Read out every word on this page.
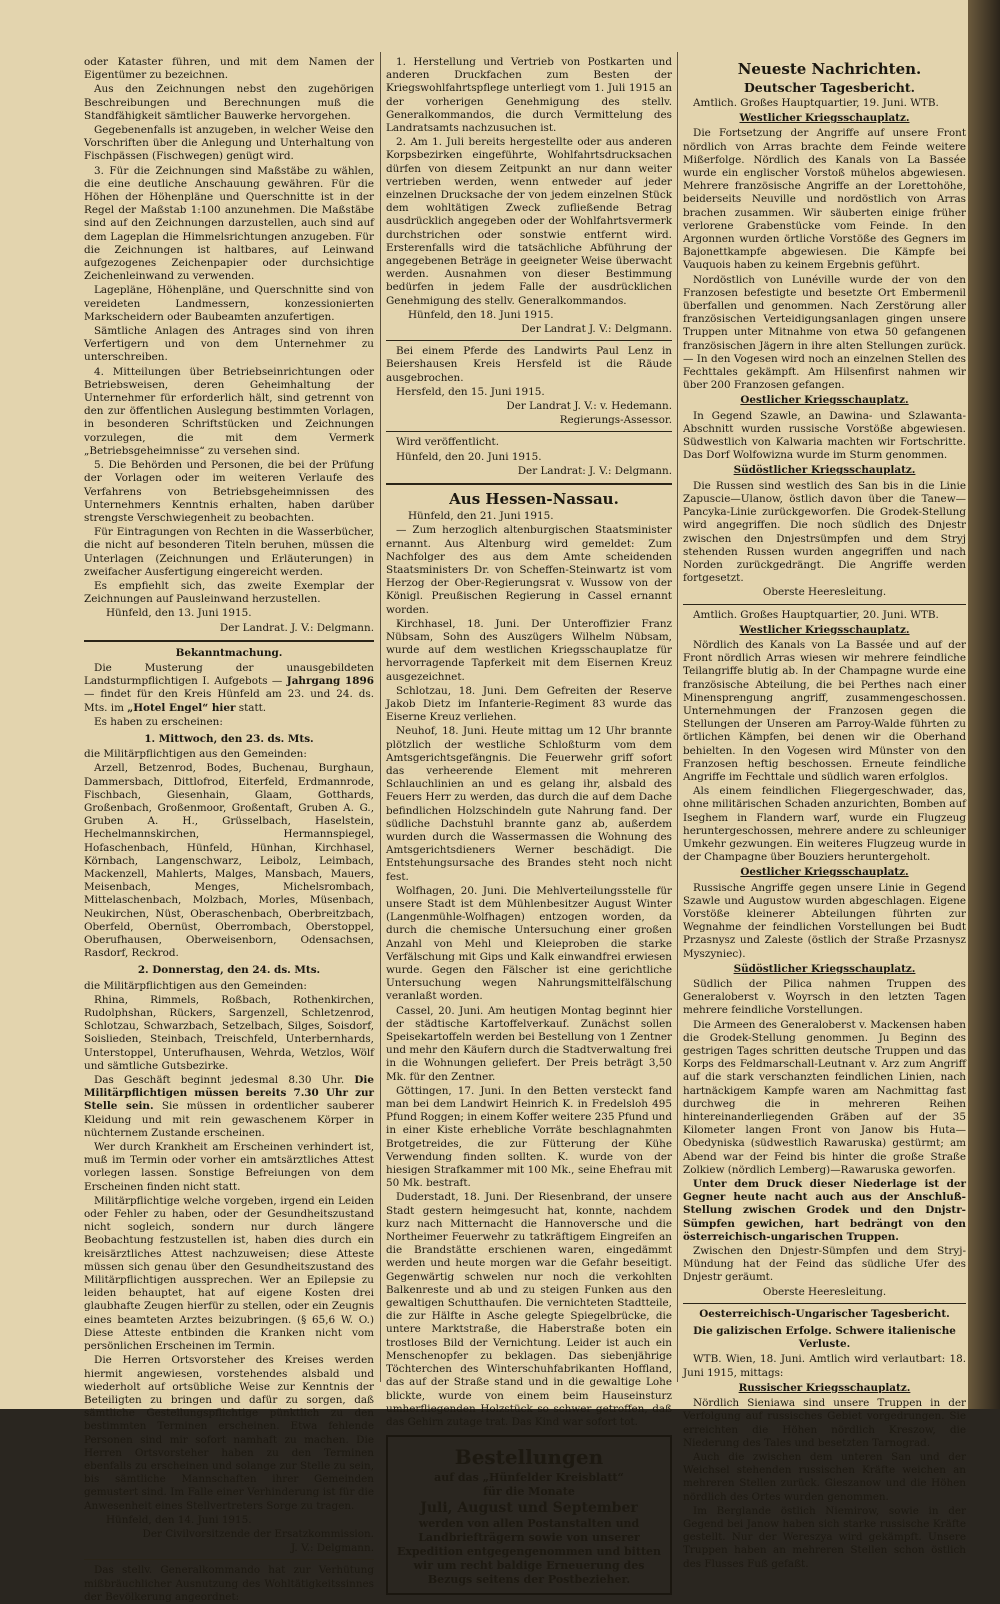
oder Kataster führen, und mit dem Namen der Eigentümer zu bezeichnen.

Aus den Zeichnungen nebst den zugehörigen Beschreibungen und Berechnungen muß die Standfähigkeit sämtlicher Bauwerke hervorgehen.

Gegebenenfalls ist anzugeben, in welcher Weise den Vorschriften über die Anlegung und Unterhaltung von Fischpässen (Fischwegen) genügt wird.

3. Für die Zeichnungen sind Maßstäbe zu wählen, die eine deutliche Anschauung gewähren. Für die Höhen der Höhenpläne und Querschnitte ist in der Regel der Maßstab 1:100 anzunehmen. Die Maßstäbe sind auf den Zeichnungen darzustellen, auch sind auf dem Lageplan die Himmelsrichtungen anzugeben. Für die Zeichnungen ist haltbares, auf Leinwand aufgezogenes Zeichenpapier oder durchsichtige Zeichenleinwand zu verwenden.

Lagepläne, Höhenpläne, und Querschnitte sind von vereideten Landmessern, konzessionierten Markscheidern oder Baubeamten anzufertigen.

Sämtliche Anlagen des Antrages sind von ihren Verfertigern und von dem Unternehmer zu unterschreiben.

4. Mitteilungen über Betriebseinrichtungen oder Betriebsweisen, deren Geheimhaltung der Unternehmer für erforderlich hält, sind getrennt von den zur öffentlichen Auslegung bestimmten Vorlagen, in besonderen Schriftstücken und Zeichnungen vorzulegen, die mit dem Vermerk „Betriebsgeheimnisse“ zu versehen sind.

5. Die Behörden und Personen, die bei der Prüfung der Vorlagen oder im weiteren Verlaufe des Verfahrens von Betriebsgeheimnissen des Unternehmers Kenntnis erhalten, haben darüber strengste Verschwiegenheit zu beobachten.

Für Eintragungen von Rechten in die Wasserbücher, die nicht auf besonderen Titeln beruhen, müssen die Unterlagen (Zeichnungen und Erläuterungen) in zweifacher Ausfertigung eingereicht werden.

Es empfiehlt sich, das zweite Exemplar der Zeichnungen auf Pausleinwand herzustellen.

Hünfeld, den 13. Juni 1915.

Der Landrat. J. V.: Delgmann.

Bekanntmachung.

Die Musterung der unausgebildeten Landsturmpflichtigen I. Aufgebots — Jahrgang 1896 — findet für den Kreis Hünfeld am 23. und 24. ds. Mts. im „Hotel Engel“ hier statt.

Es haben zu erscheinen:

1. Mittwoch, den 23. ds. Mts.

die Militärpflichtigen aus den Gemeinden:

Arzell, Betzenrod, Bodes, Buchenau, Burghaun, Dammersbach, Dittlofrod, Eiterfeld, Erdmannrode, Fischbach, Giesenhain, Glaam, Gotthards, Großenbach, Großenmoor, Großentaft, Gruben A. G., Gruben A. H., Grüsselbach, Haselstein, Hechelmannskirchen, Hermannspiegel, Hofaschenbach, Hünfeld, Hünhan, Kirchhasel, Körnbach, Langenschwarz, Leibolz, Leimbach, Mackenzell, Mahlerts, Malges, Mansbach, Mauers, Meisenbach, Menges, Michelsrombach, Mittelaschenbach, Molzbach, Morles, Müsenbach, Neukirchen, Nüst, Oberaschenbach, Oberbreitzbach, Oberfeld, Obernüst, Oberrombach, Oberstoppel, Oberufhausen, Oberweisenborn, Odensachsen, Rasdorf, Reckrod.

2. Donnerstag, den 24. ds. Mts.

die Militärpflichtigen aus den Gemeinden:

Rhina, Rimmels, Roßbach, Rothenkirchen, Rudolphshan, Rückers, Sargenzell, Schletzenrod, Schlotzau, Schwarzbach, Setzelbach, Silges, Soisdorf, Soislieden, Steinbach, Treischfeld, Unterbernhards, Unterstoppel, Unterufhausen, Wehrda, Wetzlos, Wölf und sämtliche Gutsbezirke.

Das Geschäft beginnt jedesmal 8.30 Uhr. Die Militärpflichtigen müssen bereits 7.30 Uhr zur Stelle sein. Sie müssen in ordentlicher sauberer Kleidung und mit rein gewaschenem Körper in nüchternem Zustande erscheinen.

Wer durch Krankheit am Erscheinen verhindert ist, muß im Termin oder vorher ein amtsärztliches Attest vorlegen lassen. Sonstige Befreiungen von dem Erscheinen finden nicht statt.

Militärpflichtige welche vorgeben, irgend ein Leiden oder Fehler zu haben, oder der Gesundheitszustand nicht sogleich, sondern nur durch längere Beobachtung festzustellen ist, haben dies durch ein kreisärztliches Attest nachzuweisen; diese Atteste müssen sich genau über den Gesundheitszustand des Militärpflichtigen aussprechen. Wer an Epilepsie zu leiden behauptet, hat auf eigene Kosten drei glaubhafte Zeugen hierfür zu stellen, oder ein Zeugnis eines beamteten Arztes beizubringen. (§ 65,6 W. O.) Diese Atteste entbinden die Kranken nicht vom persönlichen Erscheinen im Termin.

Die Herren Ortsvorsteher des Kreises werden hiermit angewiesen, vorstehendes alsbald und wiederholt auf ortsübliche Weise zur Kenntnis der Beteiligten zu bringen und dafür zu sorgen, daß sämtliche Gestellungspflichtige pünktlich zu den bestimmten Terminen erscheinen. Etwa fehlende Personen sind mir sofort namhaft zu machen. Die Herren Ortsvorsteher haben zu den Terminen ebenfalls zu erscheinen und solange zur Stelle zu sein, bis sämtliche Mannschaften ihrer Gemeinden gemustert sind. Im Falle einer Verhinderung ist für die Anwesenheit eines Stellvertreters Sorge zu tragen.

Hünfeld, den 14. Juni 1915.

Der Civilvorsitzende der Ersatzkommission.

J. V.: Delgmann.

Das stellv. Generalkommando hat zur Verhütung mißbräuchlicher Ausnutzung des Wohltätigkeitssinnes der Bevölkerung angeordnet:

1. Herstellung und Vertrieb von Postkarten und anderen Druckfachen zum Besten der Kriegswohlfahrtspflege unterliegt vom 1. Juli 1915 an der vorherigen Genehmigung des stellv. Generalkommandos, die durch Vermittelung des Landratsamts nachzusuchen ist.

2. Am 1. Juli bereits hergestellte oder aus anderen Korpsbezirken eingeführte, Wohlfahrtsdrucksachen dürfen von diesem Zeitpunkt an nur dann weiter vertrieben werden, wenn entweder auf jeder einzelnen Drucksache der von jedem einzelnen Stück dem wohltätigen Zweck zufließende Betrag ausdrücklich angegeben oder der Wohlfahrtsvermerk durchstrichen oder sonstwie entfernt wird. Ersterenfalls wird die tatsächliche Abführung der angegebenen Beträge in geeigneter Weise überwacht werden. Ausnahmen von dieser Bestimmung bedürfen in jedem Falle der ausdrücklichen Genehmigung des stellv. Generalkommandos.

Hünfeld, den 18. Juni 1915.

Der Landrat J. V.: Delgmann.

Bei einem Pferde des Landwirts Paul Lenz in Beiershausen Kreis Hersfeld ist die Räude ausgebrochen.

Hersfeld, den 15. Juni 1915.

Der Landrat J. V.: v. Hedemann.

Regierungs-Assessor.

Wird veröffentlicht.

Hünfeld, den 20. Juni 1915.

Der Landrat: J. V.: Delgmann.

Aus Hessen-Nassau.

Hünfeld, den 21. Juni 1915.

— Zum herzoglich altenburgischen Staatsminister ernannt. Aus Altenburg wird gemeldet: Zum Nachfolger des aus dem Amte scheidenden Staatsministers Dr. von Scheffen-Steinwartz ist vom Herzog der Ober-Regierungsrat v. Wussow von der Königl. Preußischen Regierung in Cassel ernannt worden.

Kirchhasel, 18. Juni. Der Unteroffizier Franz Nübsam, Sohn des Auszügers Wilhelm Nübsam, wurde auf dem westlichen Kriegsschauplatze für hervorragende Tapferkeit mit dem Eisernen Kreuz ausgezeichnet.

Schlotzau, 18. Juni. Dem Gefreiten der Reserve Jakob Dietz im Infanterie-Regiment 83 wurde das Eiserne Kreuz verliehen.

Neuhof, 18. Juni. Heute mittag um 12 Uhr brannte plötzlich der westliche Schloßturm vom dem Amtsgerichtsgefängnis. Die Feuerwehr griff sofort das verheerende Element mit mehreren Schlauchlinien an und es gelang ihr, alsbald des Feuers Herr zu werden, das durch die auf dem Dache befindlichen Holzschindeln gute Nahrung fand. Der südliche Dachstuhl brannte ganz ab, außerdem wurden durch die Wassermassen die Wohnung des Amtsgerichtsdieners Werner beschädigt. Die Entstehungsursache des Brandes steht noch nicht fest.

Wolfhagen, 20. Juni. Die Mehlverteilungsstelle für unsere Stadt ist dem Mühlenbesitzer August Winter (Langenmühle-Wolfhagen) entzogen worden, da durch die chemische Untersuchung einer großen Anzahl von Mehl und Kleieproben die starke Verfälschung mit Gips und Kalk einwandfrei erwiesen wurde. Gegen den Fälscher ist eine gerichtliche Untersuchung wegen Nahrungsmittelfälschung veranlaßt worden.

Cassel, 20. Juni. Am heutigen Montag beginnt hier der städtische Kartoffelverkauf. Zunächst sollen Speisekartoffeln werden bei Bestellung von 1 Zentner und mehr den Käufern durch die Stadtverwaltung frei in die Wohnungen geliefert. Der Preis beträgt 3,50 Mk. für den Zentner.

Göttingen, 17. Juni. In den Betten versteckt fand man bei dem Landwirt Heinrich K. in Fredelsloh 495 Pfund Roggen; in einem Koffer weitere 235 Pfund und in einer Kiste erhebliche Vorräte beschlagnahmten Brotgetreides, die zur Fütterung der Kühe Verwendung finden sollten. K. wurde von der hiesigen Strafkammer mit 100 Mk., seine Ehefrau mit 50 Mk. bestraft.

Duderstadt, 18. Juni. Der Riesenbrand, der unsere Stadt gestern heimgesucht hat, konnte, nachdem kurz nach Mitternacht die Hannoversche und die Northeimer Feuerwehr zu tatkräftigem Eingreifen an die Brandstätte erschienen waren, eingedämmt werden und heute morgen war die Gefahr beseitigt. Gegenwärtig schwelen nur noch die verkohlten Balkenreste und ab und zu steigen Funken aus den gewaltigen Schutthaufen. Die vernichteten Stadtteile, die zur Hälfte in Asche gelegte Spiegelbrücke, die untere Marktstraße, die Haberstraße boten ein trostloses Bild der Vernichtung. Leider ist auch ein Menschenopfer zu beklagen. Das siebenjährige Töchterchen des Winterschuhfabrikanten Hoffland, das auf der Straße stand und in die gewaltige Lohe blickte, wurde von einem beim Hauseinsturz umherfliegenden Holzstück so schwer getroffen, daß das Gehirn zutage trat. Das Kind war sofort tot.

Bestellungen
auf das „Hünfelder Kreisblatt“
für die Monate
Juli, August und September
werden von allen Postanstalten und Landbriefträgern sowie von unserer Expedition entgegengenommen und bitten wir um recht baldige Erneuerung des Bezugs seitens der Postbezieher.

Neueste Nachrichten.

Deutscher Tagesbericht.

Amtlich. Großes Hauptquartier, 19. Juni. WTB.

Westlicher Kriegsschauplatz.

Die Fortsetzung der Angriffe auf unsere Front nördlich von Arras brachte dem Feinde weitere Mißerfolge. Nördlich des Kanals von La Bassée wurde ein englischer Vorstoß mühelos abgewiesen. Mehrere französische Angriffe an der Lorettohöhe, beiderseits Neuville und nordöstlich von Arras brachen zusammen. Wir säuberten einige früher verlorene Grabenstücke vom Feinde. In den Argonnen wurden örtliche Vorstöße des Gegners im Bajonettkampfe abgewiesen. Die Kämpfe bei Vauquois haben zu keinem Ergebnis geführt.

Nordöstlich von Lunéville wurde der von den Franzosen befestigte und besetzte Ort Embermenil überfallen und genommen. Nach Zerstörung aller französischen Verteidigungsanlagen gingen unsere Truppen unter Mitnahme von etwa 50 gefangenen französischen Jägern in ihre alten Stellungen zurück. — In den Vogesen wird noch an einzelnen Stellen des Fechttales gekämpft. Am Hilsenfirst nahmen wir über 200 Franzosen gefangen.

Oestlicher Kriegsschauplatz.

In Gegend Szawle, an Dawina- und Szlawanta-Abschnitt wurden russische Vorstöße abgewiesen. Südwestlich von Kalwaria machten wir Fortschritte. Das Dorf Wolfowizna wurde im Sturm genommen.

Südöstlicher Kriegsschauplatz.

Die Russen sind westlich des San bis in die Linie Zapuscie—Ulanow, östlich davon über die Tanew—Pancyka-Linie zurückgeworfen. Die Grodek-Stellung wird angegriffen. Die noch südlich des Dnjestr zwischen den Dnjestrsümpfen und dem Stryj stehenden Russen wurden angegriffen und nach Norden zurückgedrängt. Die Angriffe werden fortgesetzt.

Oberste Heeresleitung.

Amtlich. Großes Hauptquartier, 20. Juni. WTB.

Westlicher Kriegsschauplatz.

Nördlich des Kanals von La Bassée und auf der Front nördlich Arras wiesen wir mehrere feindliche Teilangriffe blutig ab. In der Champagne wurde eine französische Abteilung, die bei Perthes nach einer Minensprengung angriff, zusammengeschossen. Unternehmungen der Franzosen gegen die Stellungen der Unseren am Parroy-Walde führten zu örtlichen Kämpfen, bei denen wir die Oberhand behielten. In den Vogesen wird Münster von den Franzosen heftig beschossen. Erneute feindliche Angriffe im Fechttale und südlich waren erfolglos.

Als einem feindlichen Fliegergeschwader, das, ohne militärischen Schaden anzurichten, Bomben auf Iseghem in Flandern warf, wurde ein Flugzeug heruntergeschossen, mehrere andere zu schleuniger Umkehr gezwungen. Ein weiteres Flugzeug wurde in der Champagne über Bouziers heruntergeholt.

Oestlicher Kriegsschauplatz.

Russische Angriffe gegen unsere Linie in Gegend Szawle und Augustow wurden abgeschlagen. Eigene Vorstöße kleinerer Abteilungen führten zur Wegnahme der feindlichen Vorstellungen bei Budt Przasnysz und Zaleste (östlich der Straße Przasnysz Myszyniec).

Südöstlicher Kriegsschauplatz.

Südlich der Pilica nahmen Truppen des Generaloberst v. Woyrsch in den letzten Tagen mehrere feindliche Vorstellungen.

Die Armeen des Generaloberst v. Mackensen haben die Grodek-Stellung genommen. Ju Beginn des gestrigen Tages schritten deutsche Truppen und das Korps des Feldmarschall-Leutnant v. Arz zum Angriff auf die stark verschanzten feindlichen Linien, nach hartnäckigem Kampfe waren am Nachmittag fast durchweg die in mehreren Reihen hintereinanderliegenden Gräben auf der 35 Kilometer langen Front von Janow bis Huta—Obedyniska (südwestlich Rawaruska) gestürmt; am Abend war der Feind bis hinter die große Straße Zolkiew (nördlich Lemberg)—Rawaruska geworfen.

Unter dem Druck dieser Niederlage ist der Gegner heute nacht auch aus der Anschluß-Stellung zwischen Grodek und den Dnjstr-Sümpfen gewichen, hart bedrängt von den österreichisch-ungarischen Truppen.

Zwischen den Dnjestr-Sümpfen und dem Stryj-Mündung hat der Feind das südliche Ufer des Dnjestr geräumt.

Oberste Heeresleitung.

Oesterreichisch-Ungarischer Tagesbericht.

Die galizischen Erfolge. Schwere italienische Verluste.

WTB. Wien, 18. Juni. Amtlich wird verlautbart: 18. Juni 1915, mittags:

Russischer Kriegsschauplatz.

Nördlich Sieniawa sind unsere Truppen in der Verfolgung auf russisches Gebiet vorgedrungen. Sie erreichten die Höhen nördlich Kreszow, die Niederung des Tales und besetzten Tarnograd.

Auch die zwischen dem unteren San und der Weichsel stehenden russischen Kräfte weichen an mehreren Stellen zurück. Gieszanow und die Höhen nördlich des Ortes wurden genommen.

Im Berglande östlich Niemirow, sowie in der Gegend bei Janow haben sich starke russische Kräfte gestellt. Nur der Wereszya wird gekämpft. Unsere Truppen haben an mehreren Stellen schon östlich des Flusses Fuß gefaßt.
